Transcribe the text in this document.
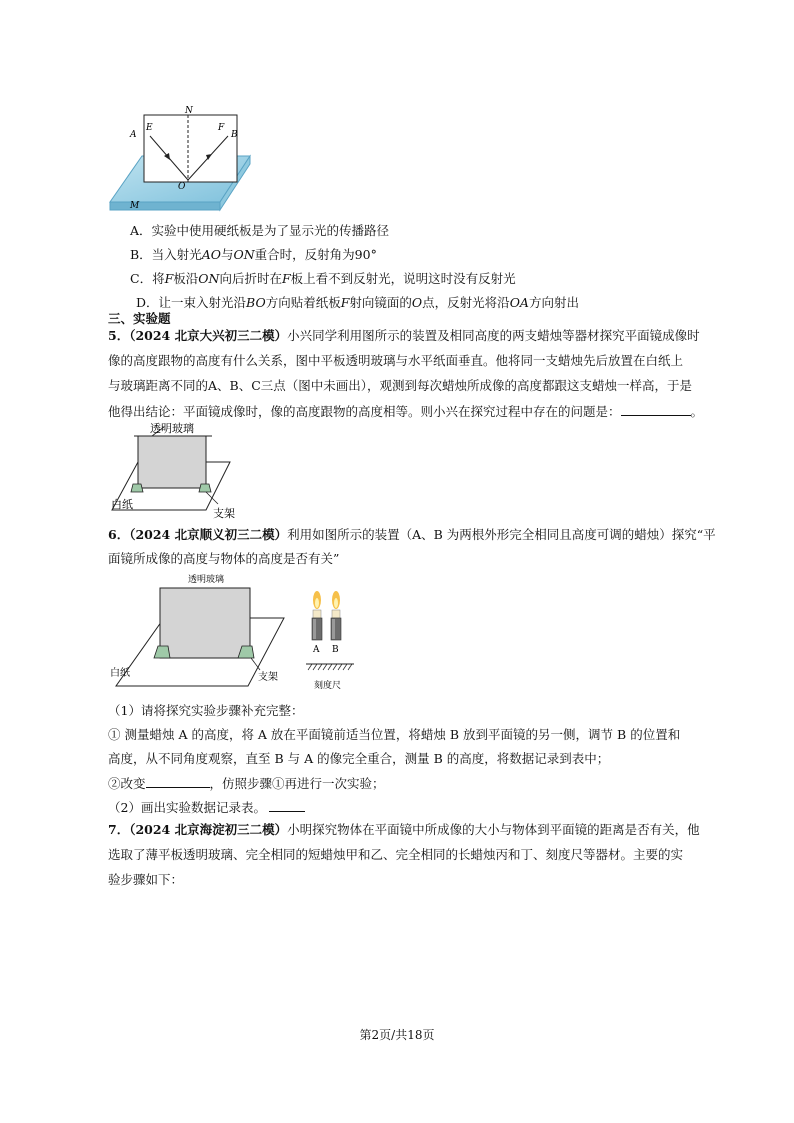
N
E
A
F
B
O
M
A．实验中使用硬纸板是为了显示光的传播路径
B．当入射光AO与ON重合时，反射角为90°
C．将F板沿ON向后折时在F板上看不到反射光，说明这时没有反射光
D．让一束入射光沿BO方向贴着纸板F射向镜面的O点，反射光将沿OA方向射出
三、实验题
5．（2024 北京大兴初三二模）小兴同学利用图所示的装置及相同高度的两支蜡烛等器材探究平面镜成像时
像的高度跟物的高度有什么关系，图中平板透明玻璃与水平纸面垂直。他将同一支蜡烛先后放置在白纸上
与玻璃距离不同的A、B、C三点（图中未画出），观测到每次蜡烛所成像的高度都跟这支蜡烛一样高，于是
他得出结论：平面镜成像时，像的高度跟物的高度相等。则小兴在探究过程中存在的问题是：	。
透明玻璃
白纸
支架
6．（2024 北京顺义初三二模）利用如图所示的装置（A、B 为两根外形完全相同且高度可调的蜡烛）探究“平
面镜所成像的高度与物体的高度是否有关”
透明玻璃
白纸	支架
A B
刻度尺
（1）请将探究实验步骤补充完整：
① 测量蜡烛 A 的高度，将 A 放在平面镜前适当位置，将蜡烛 B 放到平面镜的另一侧，调节 B 的位置和
高度，从不同角度观察，直至 B 与 A 的像完全重合，测量 B 的高度，将数据记录到表中；
②改变	，仿照步骤①再进行一次实验；
（2）画出实验数据记录表。
7．（2024 北京海淀初三二模）小明探究物体在平面镜中所成像的大小与物体到平面镜的距离是否有关，他
选取了薄平板透明玻璃、完全相同的短蜡烛甲和乙、完全相同的长蜡烛丙和丁、刻度尺等器材。主要的实
验步骤如下：
第2页/共18页
